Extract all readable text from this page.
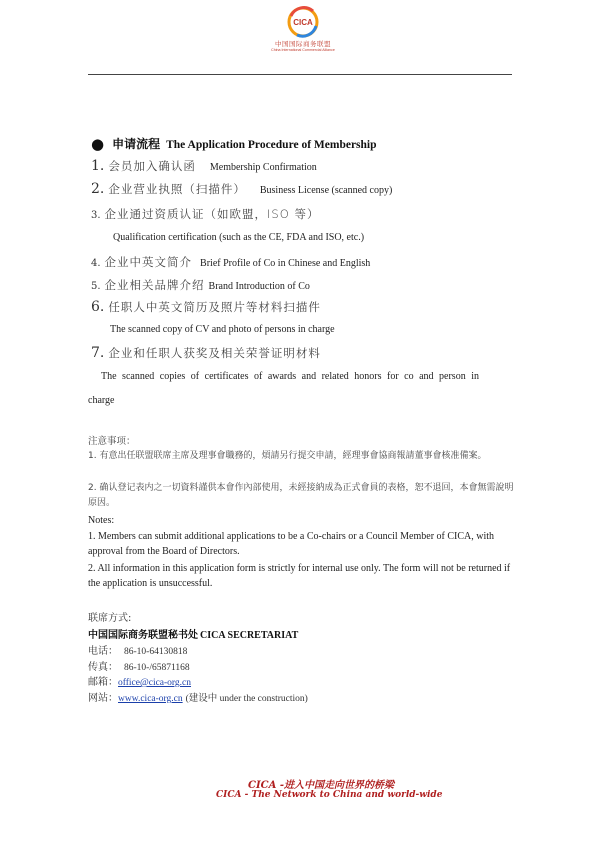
CICA
中国国际商务联盟
China International Commercial Alliance
● 申请流程 The Application Procedure of Membership
1. 会员加入确认函 Membership Confirmation
2. 企业营业执照（扫描件） Business License (scanned copy)
3. 企业通过资质认证（如欧盟，ISO 等）
Qualification certification (such as the CE, FDA and ISO, etc.)
4. 企业中英文简介 Brief Profile of Co in Chinese and English
5. 企业相关品牌介绍 Brand Introduction of Co
6. 任职人中英文简历及照片等材料扫描件
The scanned copy of CV and photo of persons in charge
7. 企业和任职人获奖及相关荣誉证明材料
The scanned copies of certificates of awards and related honors for co and person in
charge
注意事项：
1. 有意出任联盟联席主席及理事會職務的，煩請另行提交申請，經理事會協商報請董事會核准備案。
2. 确认登记表内之一切資料謹供本會作內部使用，未經接納成為正式會員的表格，恕不退回，本會無需說明原因。
Notes:
1. Members can submit additional applications to be a Co-chairs or a Council Member of CICA, with approval from the Board of Directors.
2. All information in this application form is strictly for internal use only. The form will not be returned if the application is unsuccessful.
联席方式:
中国国际商务联盟秘书处 CICA SECRETARIAT
电话： 86-10-64130818
传真： 86-10-/65871168
邮箱：office@cica-org.cn
网站：www.cica-org.cn (建设中 under the construction)
CICA -进入中国走向世界的桥梁
CICA - The Network to China and world-wide
